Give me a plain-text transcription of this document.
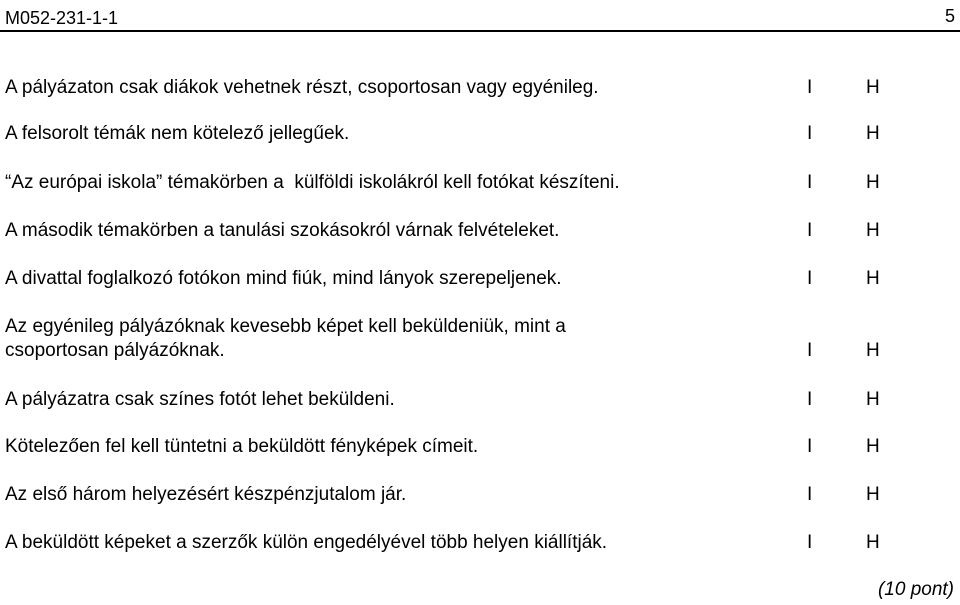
M052-231-1-1	5
A pályázaton csak diákok vehetnek részt, csoportosan vagy egyénileg.	I	H
A felsorolt témák nem kötelező jellegűek.	I	H
“Az európai iskola” témakörben a  külföldi iskolákról kell fotókat készíteni.	I	H
A második témakörben a tanulási szokásokról várnak felvételeket.	I	H
A divattal foglalkozó fotókon mind fiúk, mind lányok szerepeljenek.	I	H
Az egyénileg pályázóknak kevesebb képet kell beküldeniük, mint a
csoportosan pályázóknak.	I	H
A pályázatra csak színes fotót lehet beküldeni.	I	H
Kötelezően fel kell tüntetni a beküldött fényképek címeit.	I	H
Az első három helyezésért készpénzjutalom jár.	I	H
A beküldött képeket a szerzők külön engedélyével több helyen kiállítják.	I	H
(10 pont)
